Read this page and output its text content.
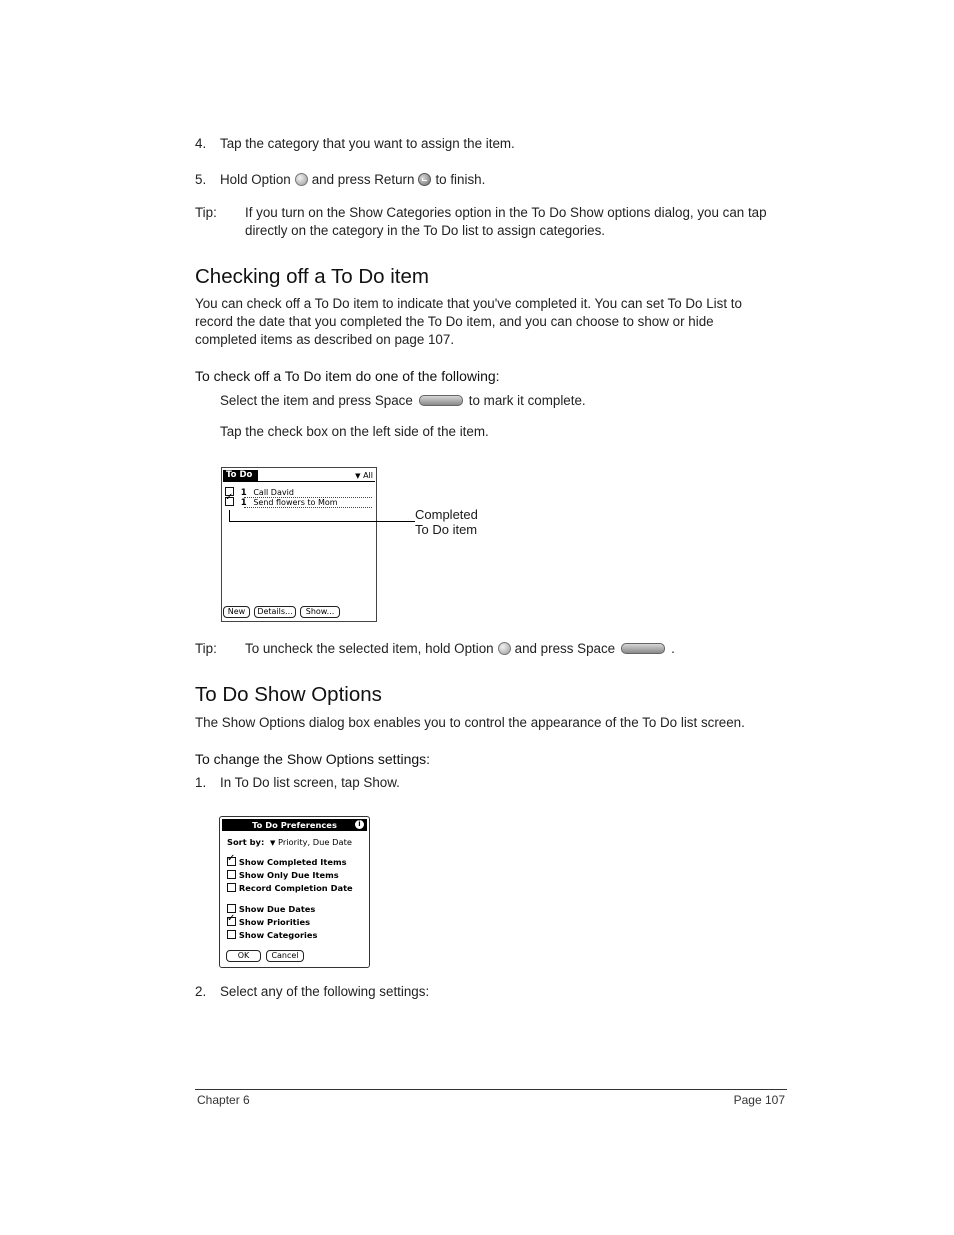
4. Tap the category that you want to assign the item.
5. Hold Option and press Return to finish.
Tip: If you turn on the Show Categories option in the To Do Show options dialog, you can tap
directly on the category in the To Do list to assign categories.
Checking off a To Do item
You can check off a To Do item to indicate that you've completed it. You can set To Do List to
record the date that you completed the To Do item, and you can choose to show or hide
completed items as described on page 107.
To check off a To Do item do one of the following:
Select the item and press Space	to mark it complete.
Tap the check box on the left side of the item.
To Do	▼ All
1 Call David
✓ 1 Send flowers to Mom
New	Details...	Show...
Completed
To Do item
Tip: To uncheck the selected item, hold Option and press Space	.
To Do Show Options
The Show Options dialog box enables you to control the appearance of the To Do list screen.
To change the Show Options settings:
1. In To Do list screen, tap Show.
To Do Preferences	i
Sort by: ▼ Priority, Due Date
✓ Show Completed Items
Show Only Due Items
Record Completion Date
Show Due Dates
✓ Show Priorities
Show Categories
OK	Cancel
2. Select any of the following settings:
Chapter 6	Page 107
